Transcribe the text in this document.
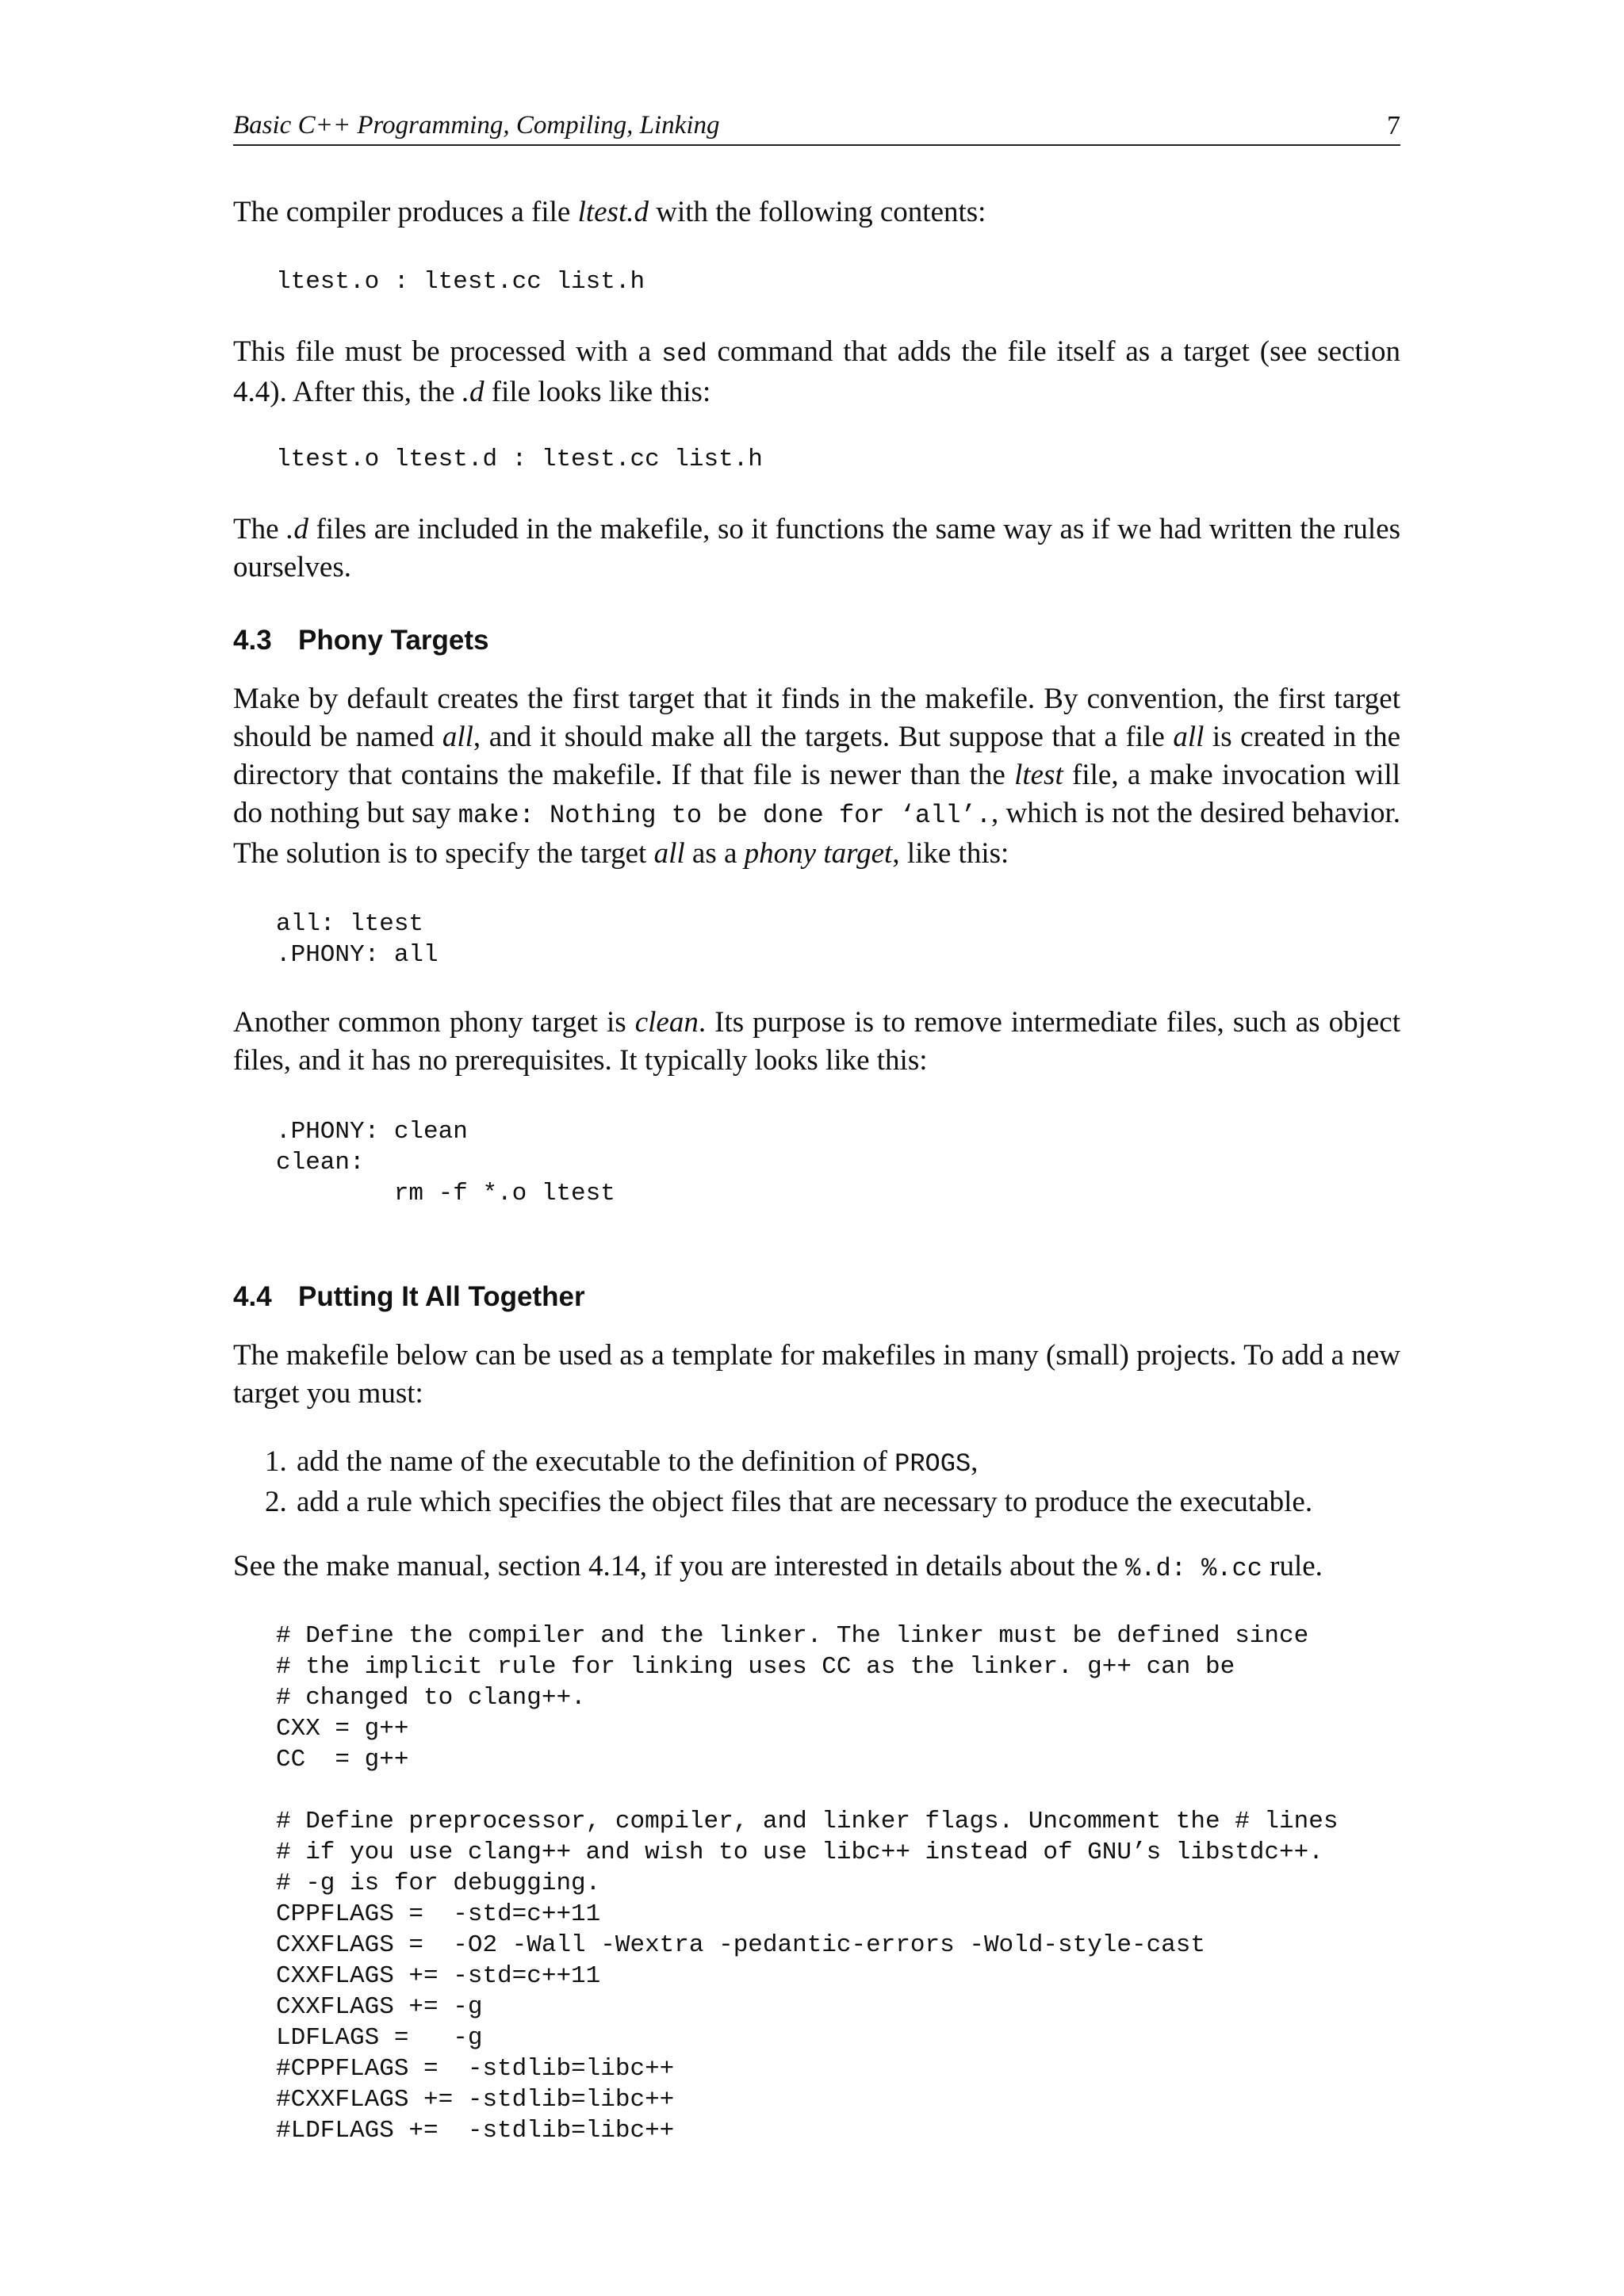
Basic C++ Programming, Compiling, Linking	7

The compiler produces a file ltest.d with the following contents:

ltest.o : ltest.cc list.h

This file must be processed with a sed command that adds the file itself as a target (see section 4.4). After this, the .d file looks like this:

ltest.o ltest.d : ltest.cc list.h

The .d files are included in the makefile, so it functions the same way as if we had written the rules ourselves.

4.3 Phony Targets

Make by default creates the first target that it finds in the makefile. By convention, the first target should be named all, and it should make all the targets. But suppose that a file all is created in the directory that contains the makefile. If that file is newer than the ltest file, a make invocation will do nothing but say make: Nothing to be done for ‘all’., which is not the desired behavior. The solution is to specify the target all as a phony target, like this:

all: ltest
.PHONY: all

Another common phony target is clean. Its purpose is to remove intermediate files, such as object files, and it has no prerequisites. It typically looks like this:

.PHONY: clean
clean:
rm -f *.o ltest
4.4 Putting It All Together

The makefile below can be used as a template for makefiles in many (small) projects. To add a new target you must:

1. add the name of the executable to the definition of PROGS,
2. add a rule which specifies the object files that are necessary to produce the executable.

See the make manual, section 4.14, if you are interested in details about the %.d: %.cc rule.

# Define the compiler and the linker. The linker must be defined since
# the implicit rule for linking uses CC as the linker. g++ can be
# changed to clang++.
CXX = g++
CC  = g++

# Define preprocessor, compiler, and linker flags. Uncomment the # lines
# if you use clang++ and wish to use libc++ instead of GNU’s libstdc++.
# -g is for debugging.
CPPFLAGS =  -std=c++11
CXXFLAGS =  -O2 -Wall -Wextra -pedantic-errors -Wold-style-cast
CXXFLAGS += -std=c++11
CXXFLAGS += -g
LDFLAGS =   -g
#CPPFLAGS =  -stdlib=libc++
#CXXFLAGS += -stdlib=libc++
#LDFLAGS +=  -stdlib=libc++
